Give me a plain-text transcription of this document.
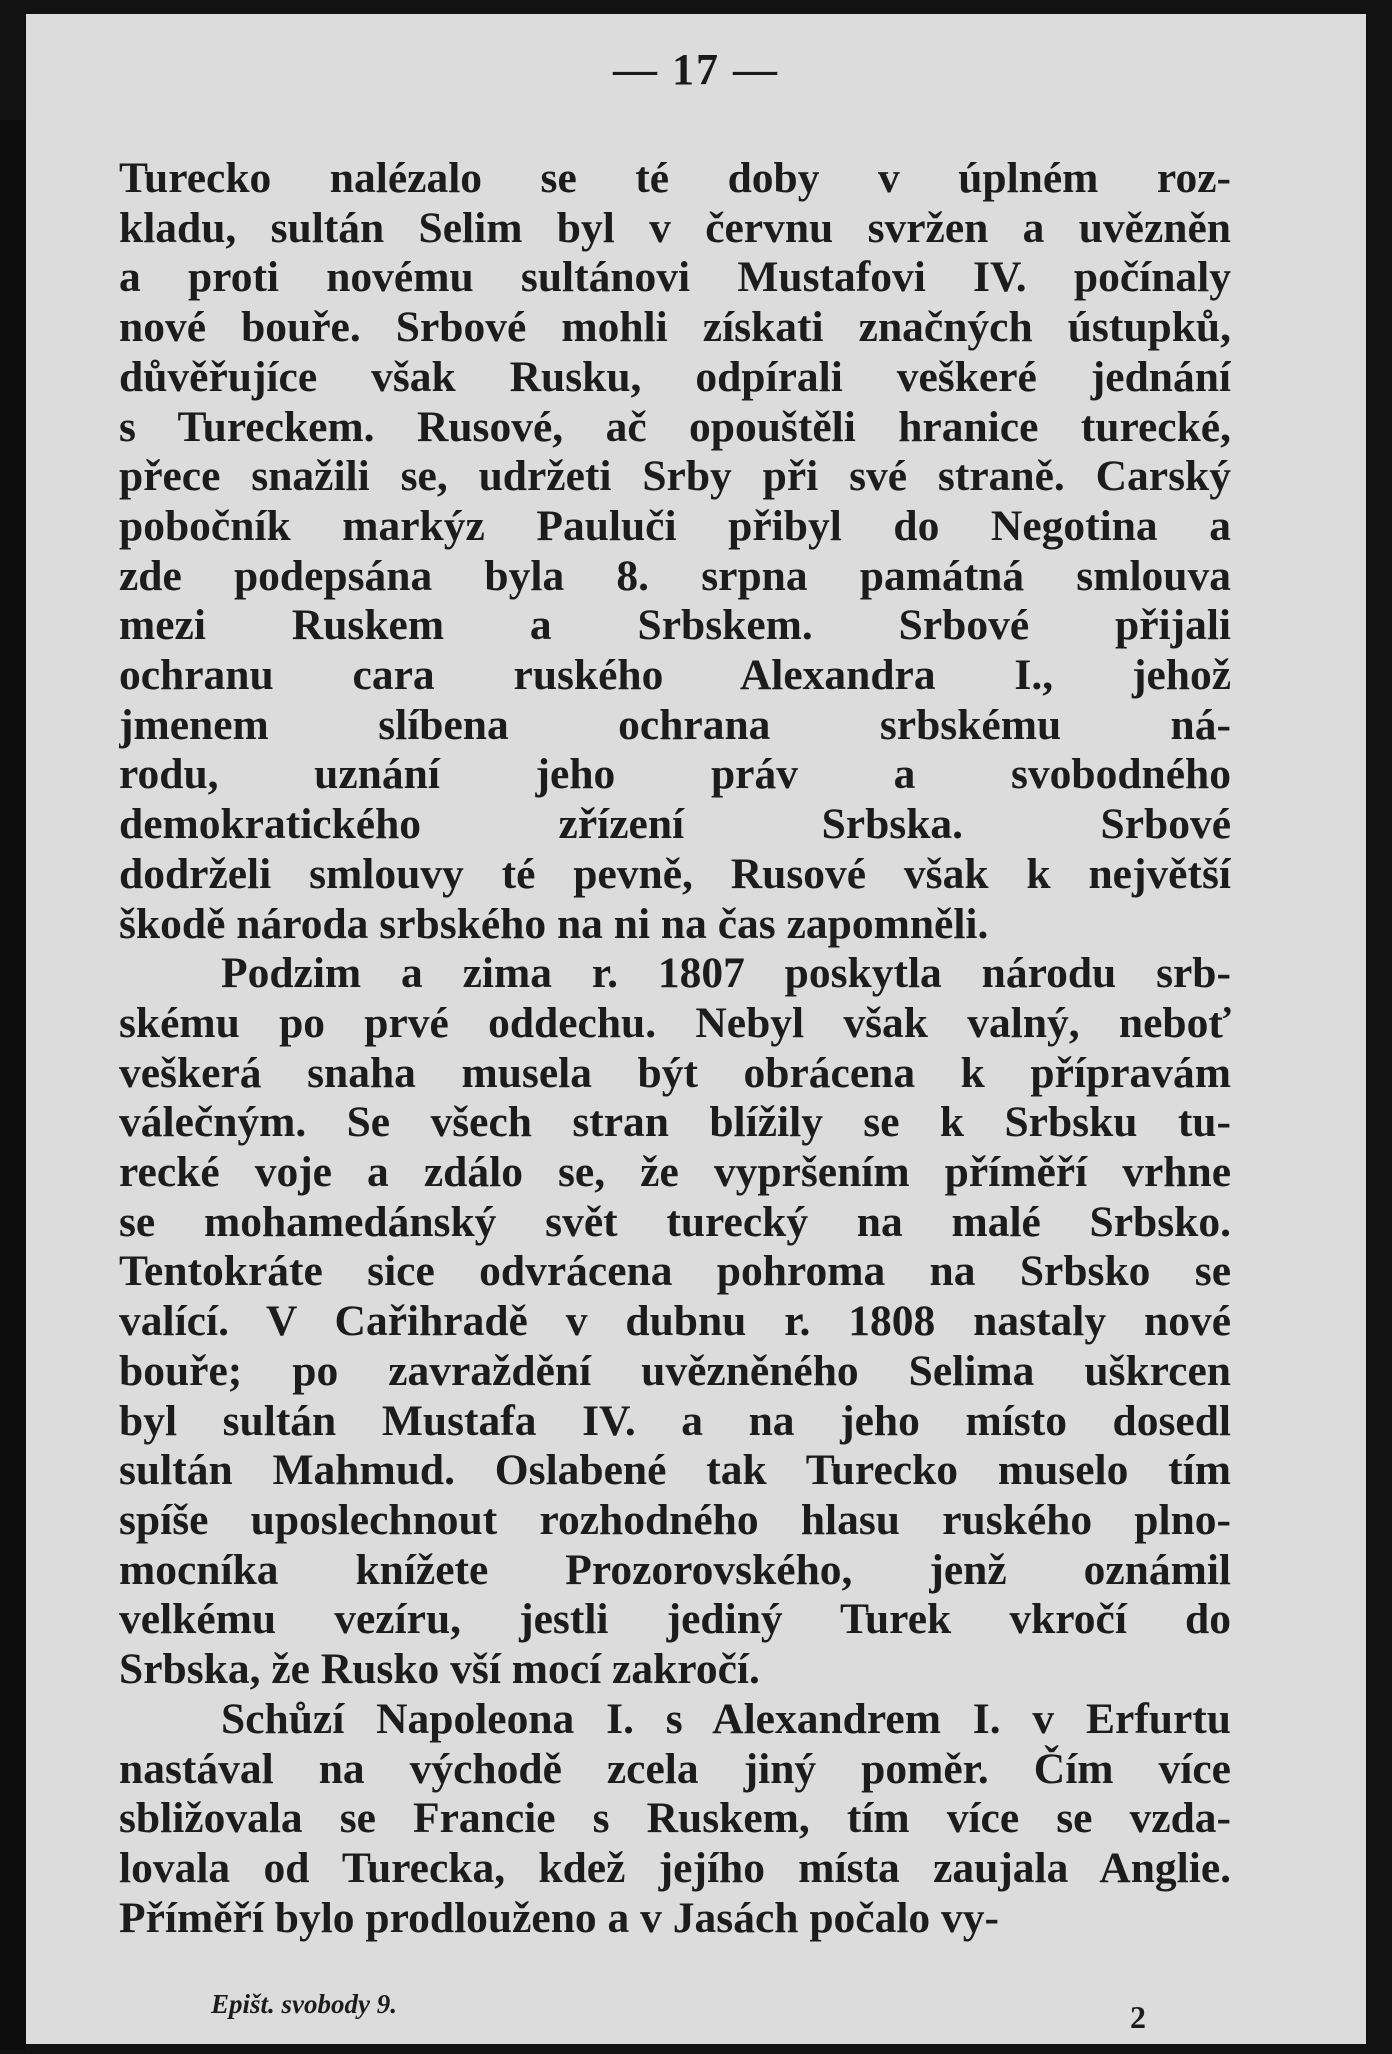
— 17 —
Turecko nalézalo se té doby v úplném roz-
kladu, sultán Selim byl v červnu svržen a uvězněn
a proti novému sultánovi Mustafovi IV. počínaly
nové bouře. Srbové mohli získati značných ústupků,
důvěřujíce však Rusku, odpírali veškeré jednání
s Tureckem. Rusové, ač opouštěli hranice turecké,
přece snažili se, udržeti Srby při své straně. Carský
pobočník markýz Pauluči přibyl do Negotina a
zde podepsána byla 8. srpna památná smlouva
mezi Ruskem a Srbskem. Srbové přijali
ochranu cara ruského Alexandra I., jehož
jmenem slíbena ochrana srbskému ná-
rodu, uznání jeho práv a svobodného
demokratického zřízení Srbska. Srbové
dodrželi smlouvy té pevně, Rusové však k největší
škodě národa srbského na ni na čas zapomněli.
Podzim a zima r. 1807 poskytla národu srb-
skému po prvé oddechu. Nebyl však valný, neboť
veškerá snaha musela být obrácena k přípravám
válečným. Se všech stran blížily se k Srbsku tu-
recké voje a zdálo se, že vypršením příměří vrhne
se mohamedánský svět turecký na malé Srbsko.
Tentokráte sice odvrácena pohroma na Srbsko se
valící. V Cařihradě v dubnu r. 1808 nastaly nové
bouře; po zavraždění uvězněného Selima uškrcen
byl sultán Mustafa IV. a na jeho místo dosedl
sultán Mahmud. Oslabené tak Turecko muselo tím
spíše uposlechnout rozhodného hlasu ruského plno-
mocníka knížete Prozorovského, jenž oznámil
velkému vezíru, jestli jediný Turek vkročí do
Srbska, že Rusko vší mocí zakročí.
Schůzí Napoleona I. s Alexandrem I. v Erfurtu
nastával na východě zcela jiný poměr. Čím více
sbližovala se Francie s Ruskem, tím více se vzda-
lovala od Turecka, kdež jejího místa zaujala Anglie.
Příměří bylo prodlouženo a v Jasách počalo vy-
Epišt. svobody 9.	2
